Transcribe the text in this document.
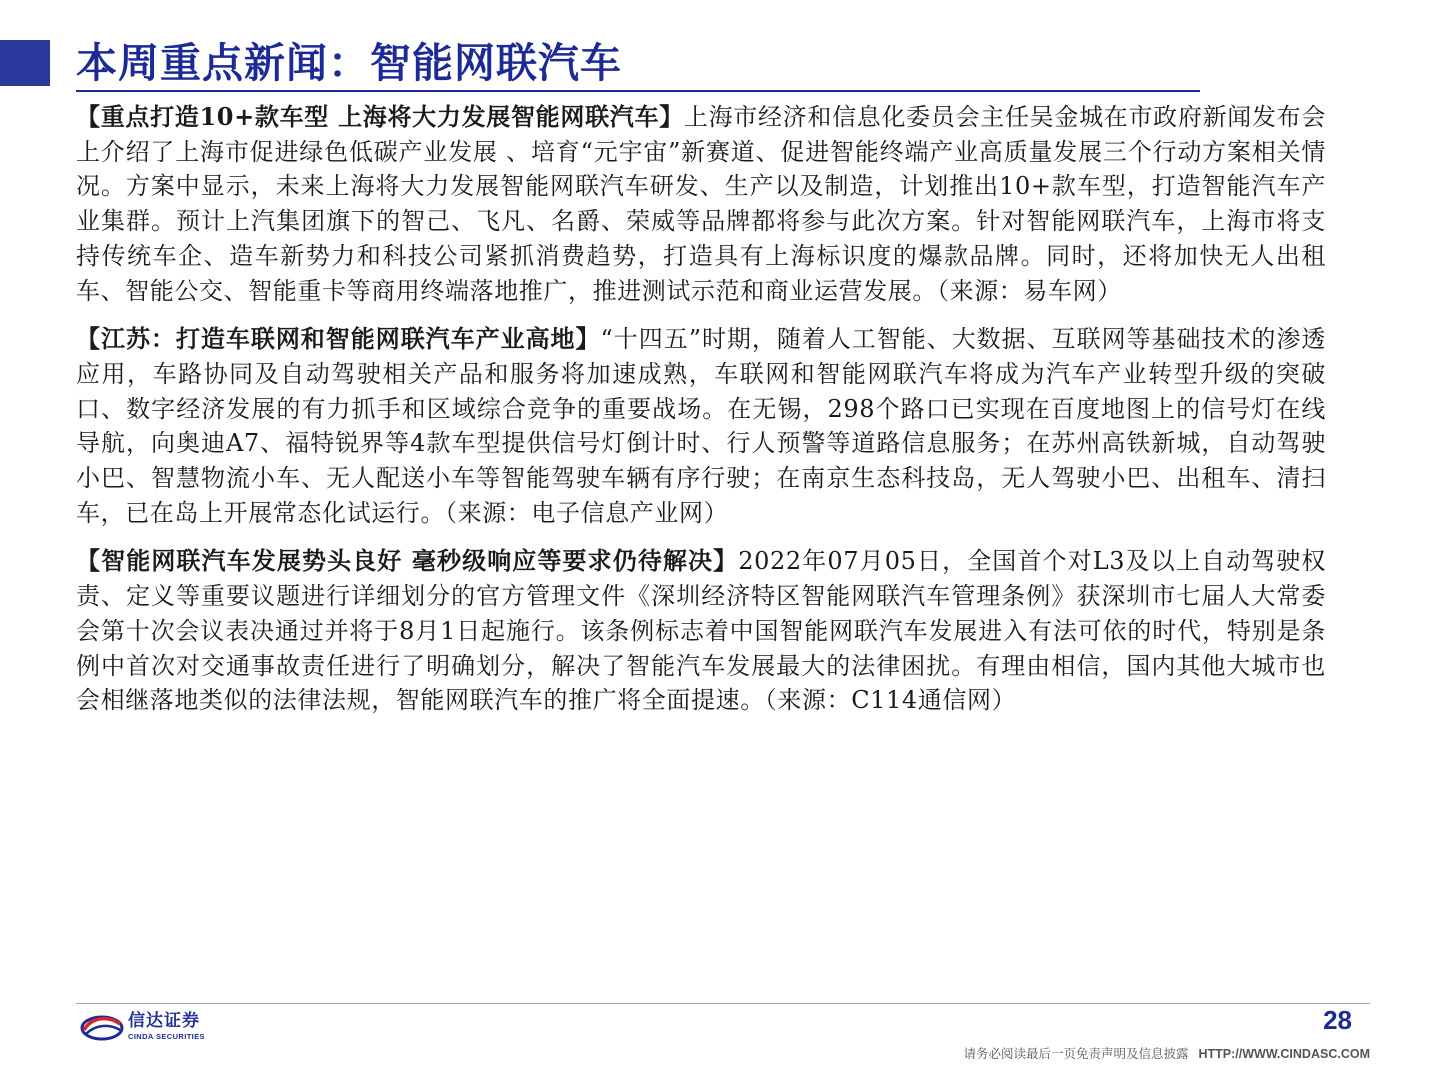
本周重点新闻：智能网联汽车

【重点打造10+款车型 上海将大力发展智能网联汽车】上海市经济和信息化委员会主任吴金城在市政府新闻发布会上介绍了上海市促进绿色低碳产业发展 、培育“元宇宙”新赛道、促进智能终端产业高质量发展三个行动方案相关情况。方案中显示，未来上海将大力发展智能网联汽车研发、生产以及制造，计划推出10+款车型，打造智能汽车产业集群。预计上汽集团旗下的智己、飞凡、名爵、荣威等品牌都将参与此次方案。针对智能网联汽车，上海市将支持传统车企、造车新势力和科技公司紧抓消费趋势，打造具有上海标识度的爆款品牌。同时，还将加快无人出租车、智能公交、智能重卡等商用终端落地推广，推进测试示范和商业运营发展。（来源：易车网）

【江苏：打造车联网和智能网联汽车产业高地】“十四五”时期，随着人工智能、大数据、互联网等基础技术的渗透应用，车路协同及自动驾驶相关产品和服务将加速成熟，车联网和智能网联汽车将成为汽车产业转型升级的突破口、数字经济发展的有力抓手和区域综合竞争的重要战场。在无锡，298个路口已实现在百度地图上的信号灯在线导航，向奥迪A7、福特锐界等4款车型提供信号灯倒计时、行人预警等道路信息服务；在苏州高铁新城，自动驾驶小巴、智慧物流小车、无人配送小车等智能驾驶车辆有序行驶；在南京生态科技岛，无人驾驶小巴、出租车、清扫车，已在岛上开展常态化试运行。（来源：电子信息产业网）

【智能网联汽车发展势头良好 毫秒级响应等要求仍待解决】2022年07月05日，全国首个对L3及以上自动驾驶权责、定义等重要议题进行详细划分的官方管理文件《深圳经济特区智能网联汽车管理条例》获深圳市七届人大常委会第十次会议表决通过并将于8月1日起施行。该条例标志着中国智能网联汽车发展进入有法可依的时代，特别是条例中首次对交通事故责任进行了明确划分，解决了智能汽车发展最大的法律困扰。有理由相信，国内其他大城市也会相继落地类似的法律法规，智能网联汽车的推广将全面提速。（来源：C114通信网）

信达证券
CINDA SECURITIES
28
请务必阅读最后一页免责声明及信息披露 HTTP://WWW.CINDASC.COM
